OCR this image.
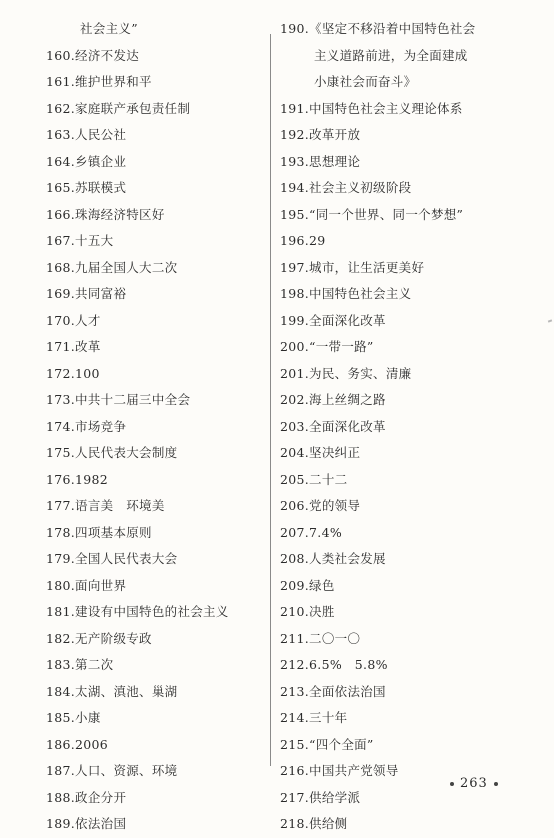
社会主义”
160.经济不发达
161.维护世界和平
162.家庭联产承包责任制
163.人民公社
164.乡镇企业
165.苏联模式
166.珠海经济特区好
167.十五大
168.九届全国人大二次
169.共同富裕
170.人才
171.改革
172.100
173.中共十二届三中全会
174.市场竞争
175.人民代表大会制度
176.1982
177.语言美　环境美
178.四项基本原则
179.全国人民代表大会
180.面向世界
181.建设有中国特色的社会主义
182.无产阶级专政
183.第二次
184.太湖、滇池、巢湖
185.小康
186.2006
187.人口、资源、环境
188.政企分开
189.依法治国
190.《坚定不移沿着中国特色社会
主义道路前进，为全面建成
小康社会而奋斗》
191.中国特色社会主义理论体系
192.改革开放
193.思想理论
194.社会主义初级阶段
195.“同一个世界、同一个梦想”
196.29
197.城市，让生活更美好
198.中国特色社会主义
199.全面深化改革
200.“一带一路”
201.为民、务实、清廉
202.海上丝绸之路
203.全面深化改革
204.坚决纠正
205.二十二
206.党的领导
207.7.4%
208.人类社会发展
209.绿色
210.决胜
211.二〇一〇
212.6.5%　5.8%
213.全面依法治国
214.三十年
215.“四个全面”
216.中国共产党领导
217.供给学派
218.供给侧
263
